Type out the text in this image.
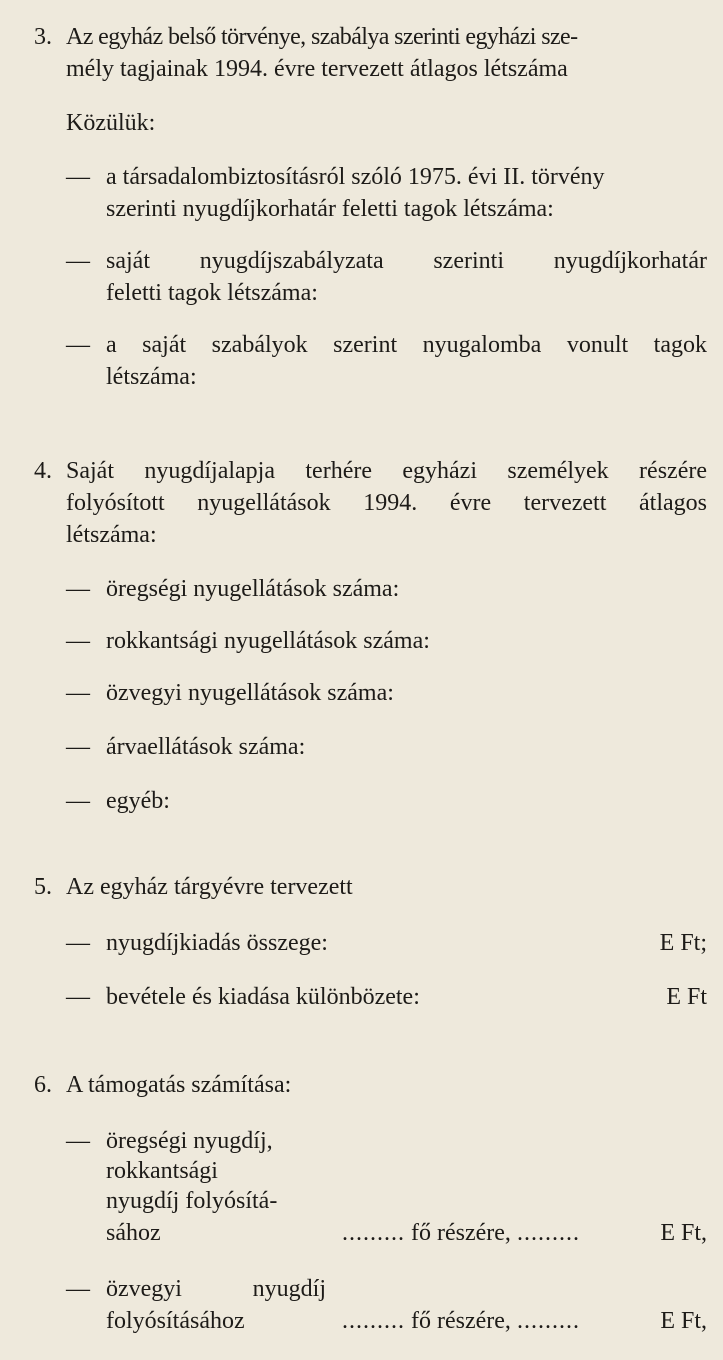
3. Az egyház belső törvénye, szabálya szerinti egyházi sze-
mély tagjainak 1994. évre tervezett átlagos létszáma
Közülük:
— a társadalombiztosításról szóló 1975. évi II. törvény
szerinti nyugdíjkorhatár feletti tagok létszáma:
— saját nyugdíjszabályzata szerinti nyugdíjkorhatár
feletti tagok létszáma:
— a saját szabályok szerint nyugalomba vonult tagok
létszáma:
4. Saját nyugdíjalapja terhére egyházi személyek részére
folyósított nyugellátások 1994. évre tervezett átlagos
létszáma:
— öregségi nyugellátások száma:
— rokkantsági nyugellátások száma:
— özvegyi nyugellátások száma:
— árvaellátások száma:
— egyéb:
5. Az egyház tárgyévre tervezett
— nyugdíjkiadás összege:	E Ft;
— bevétele és kiadása különbözete:	E Ft
6. A támogatás számítása:
— öregségi nyugdíj,
rokkantsági
nyugdíj folyósítá-
sához	......... fő részére, .........	E Ft,
— özvegyi nyugdíj
folyósításához	......... fő részére, .........	E Ft,
